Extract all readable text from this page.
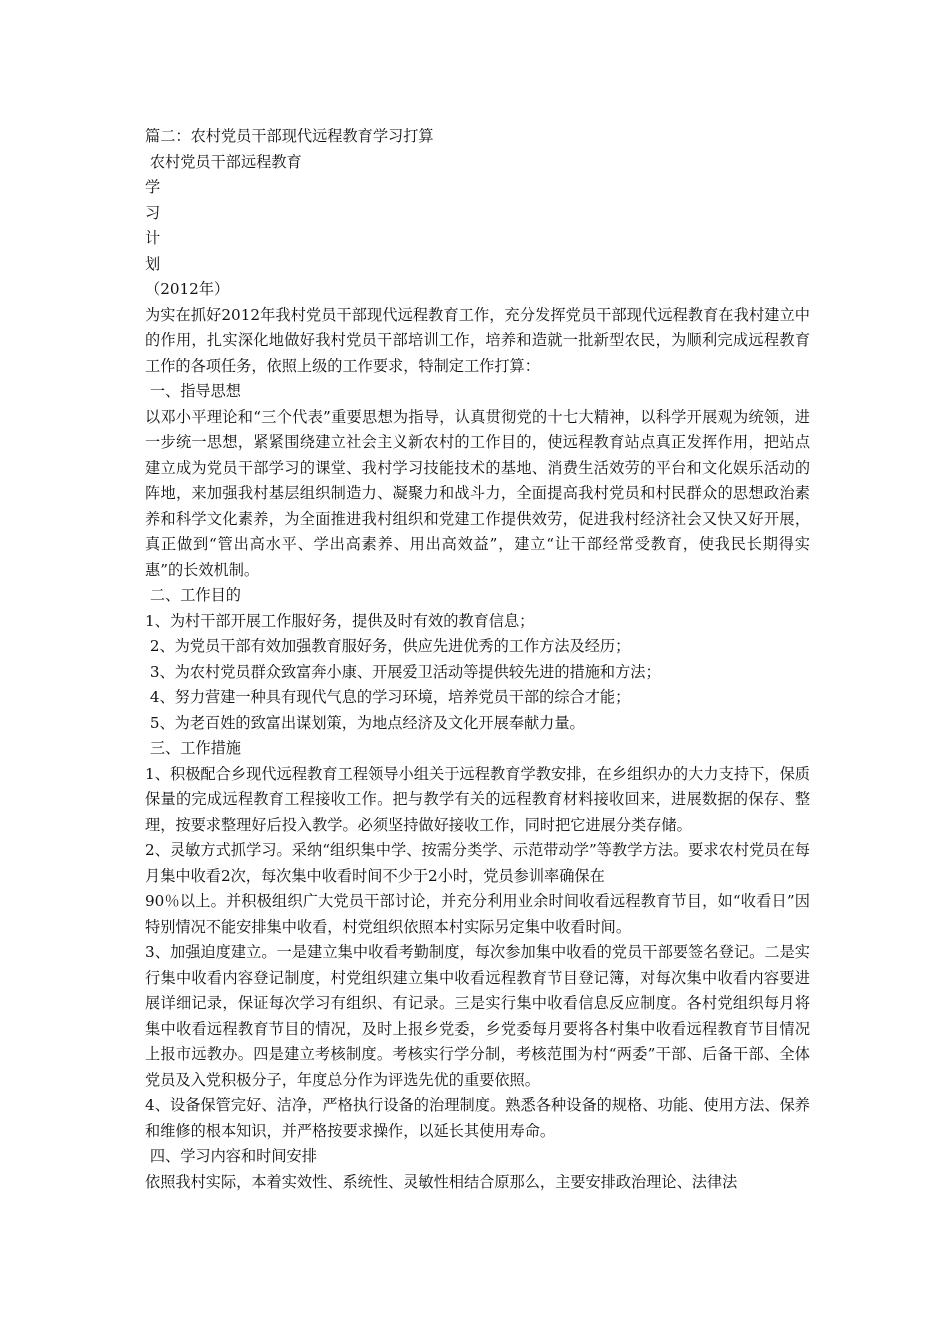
篇二：农村党员干部现代远程教育学习打算
农村党员干部远程教育
学
习
计
划
（2012年）
为实在抓好2012年我村党员干部现代远程教育工作，充分发挥党员干部现代远程教育在我村建立中的作用，扎实深化地做好我村党员干部培训工作，培养和造就一批新型农民，为顺利完成远程教育工作的各项任务，依照上级的工作要求，特制定工作打算：
一、指导思想
以邓小平理论和“三个代表”重要思想为指导，认真贯彻党的十七大精神，以科学开展观为统领，进一步统一思想，紧紧围绕建立社会主义新农村的工作目的，使远程教育站点真正发挥作用，把站点建立成为党员干部学习的课堂、我村学习技能技术的基地、消费生活效劳的平台和文化娱乐活动的阵地，来加强我村基层组织制造力、凝聚力和战斗力，全面提高我村党员和村民群众的思想政治素养和科学文化素养，为全面推进我村组织和党建工作提供效劳，促进我村经济社会又快又好开展，真正做到“管出高水平、学出高素养、用出高效益”，建立“让干部经常受教育，使我民长期得实惠”的长效机制。
二、工作目的
1、为村干部开展工作服好务，提供及时有效的教育信息；
2、为党员干部有效加强教育服好务，供应先进优秀的工作方法及经历；
3、为农村党员群众致富奔小康、开展爱卫活动等提供较先进的措施和方法；
4、努力营建一种具有现代气息的学习环境，培养党员干部的综合才能；
5、为老百姓的致富出谋划策，为地点经济及文化开展奉献力量。
三、工作措施
1、积极配合乡现代远程教育工程领导小组关于远程教育学教安排，在乡组织办的大力支持下，保质保量的完成远程教育工程接收工作。把与教学有关的远程教育材料接收回来，进展数据的保存、整理，按要求整理好后投入教学。必须坚持做好接收工作，同时把它进展分类存储。
2、灵敏方式抓学习。采纳“组织集中学、按需分类学、示范带动学”等教学方法。要求农村党员在每月集中收看2次，每次集中收看时间不少于2小时，党员参训率确保在
90％以上。并积极组织广大党员干部讨论，并充分利用业余时间收看远程教育节目，如“收看日”因特别情况不能安排集中收看，村党组织依照本村实际另定集中收看时间。
3、加强迫度建立。一是建立集中收看考勤制度，每次参加集中收看的党员干部要签名登记。二是实行集中收看内容登记制度，村党组织建立集中收看远程教育节目登记簿，对每次集中收看内容要进展详细记录，保证每次学习有组织、有记录。三是实行集中收看信息反应制度。各村党组织每月将集中收看远程教育节目的情况，及时上报乡党委，乡党委每月要将各村集中收看远程教育节目情况上报市远教办。四是建立考核制度。考核实行学分制，考核范围为村“两委”干部、后备干部、全体党员及入党积极分子，年度总分作为评选先优的重要依照。
4、设备保管完好、洁净，严格执行设备的治理制度。熟悉各种设备的规格、功能、使用方法、保养和维修的根本知识，并严格按要求操作，以延长其使用寿命。
四、学习内容和时间安排
依照我村实际，本着实效性、系统性、灵敏性相结合原那么，主要安排政治理论、法律法
